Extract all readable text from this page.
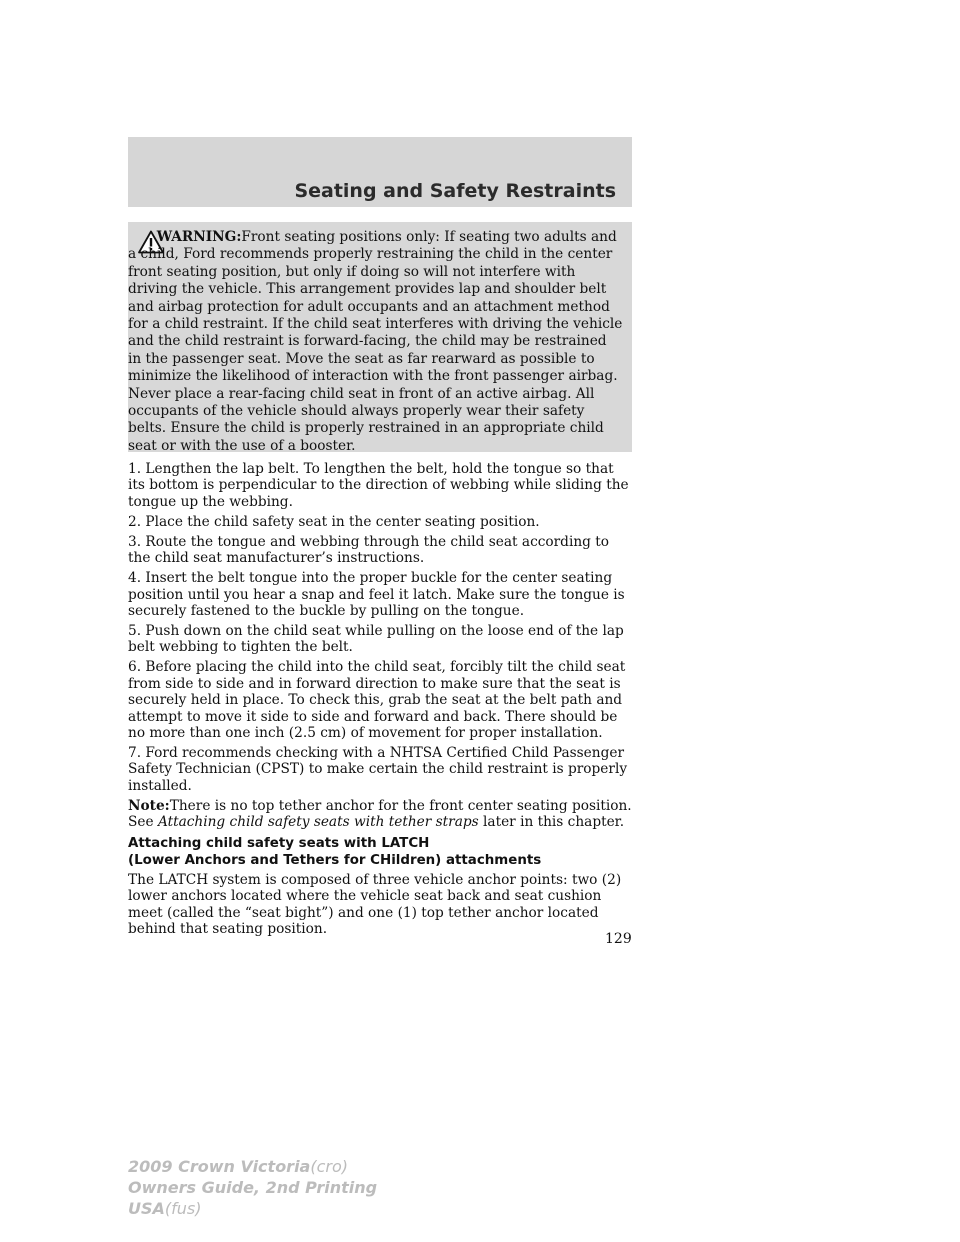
Seating and Safety Restraints

WARNING:Front seating positions only: If seating two adults and a child, Ford recommends properly restraining the child in the center front seating position, but only if doing so will not interfere with driving the vehicle. This arrangement provides lap and shoulder belt and airbag protection for adult occupants and an attachment method for a child restraint. If the child seat interferes with driving the vehicle and the child restraint is forward-facing, the child may be restrained in the passenger seat. Move the seat as far rearward as possible to minimize the likelihood of interaction with the front passenger airbag. Never place a rear-facing child seat in front of an active airbag. All occupants of the vehicle should always properly wear their safety belts. Ensure the child is properly restrained in an appropriate child seat or with the use of a booster.

1. Lengthen the lap belt. To lengthen the belt, hold the tongue so that its bottom is perpendicular to the direction of webbing while sliding the tongue up the webbing.

2. Place the child safety seat in the center seating position.

3. Route the tongue and webbing through the child seat according to the child seat manufacturer’s instructions.

4. Insert the belt tongue into the proper buckle for the center seating position until you hear a snap and feel it latch. Make sure the tongue is securely fastened to the buckle by pulling on the tongue.

5. Push down on the child seat while pulling on the loose end of the lap belt webbing to tighten the belt.

6. Before placing the child into the child seat, forcibly tilt the child seat from side to side and in forward direction to make sure that the seat is securely held in place. To check this, grab the seat at the belt path and attempt to move it side to side and forward and back. There should be no more than one inch (2.5 cm) of movement for proper installation.

7. Ford recommends checking with a NHTSA Certified Child Passenger Safety Technician (CPST) to make certain the child restraint is properly installed.

Note:There is no top tether anchor for the front center seating position. See Attaching child safety seats with tether straps later in this chapter.

Attaching child safety seats with LATCH
(Lower Anchors and Tethers for CHildren) attachments

The LATCH system is composed of three vehicle anchor points: two (2) lower anchors located where the vehicle seat back and seat cushion meet (called the “seat bight”) and one (1) top tether anchor located behind that seating position.

129
2009 Crown Victoria(cro)
Owners Guide, 2nd Printing
USA(fus)
